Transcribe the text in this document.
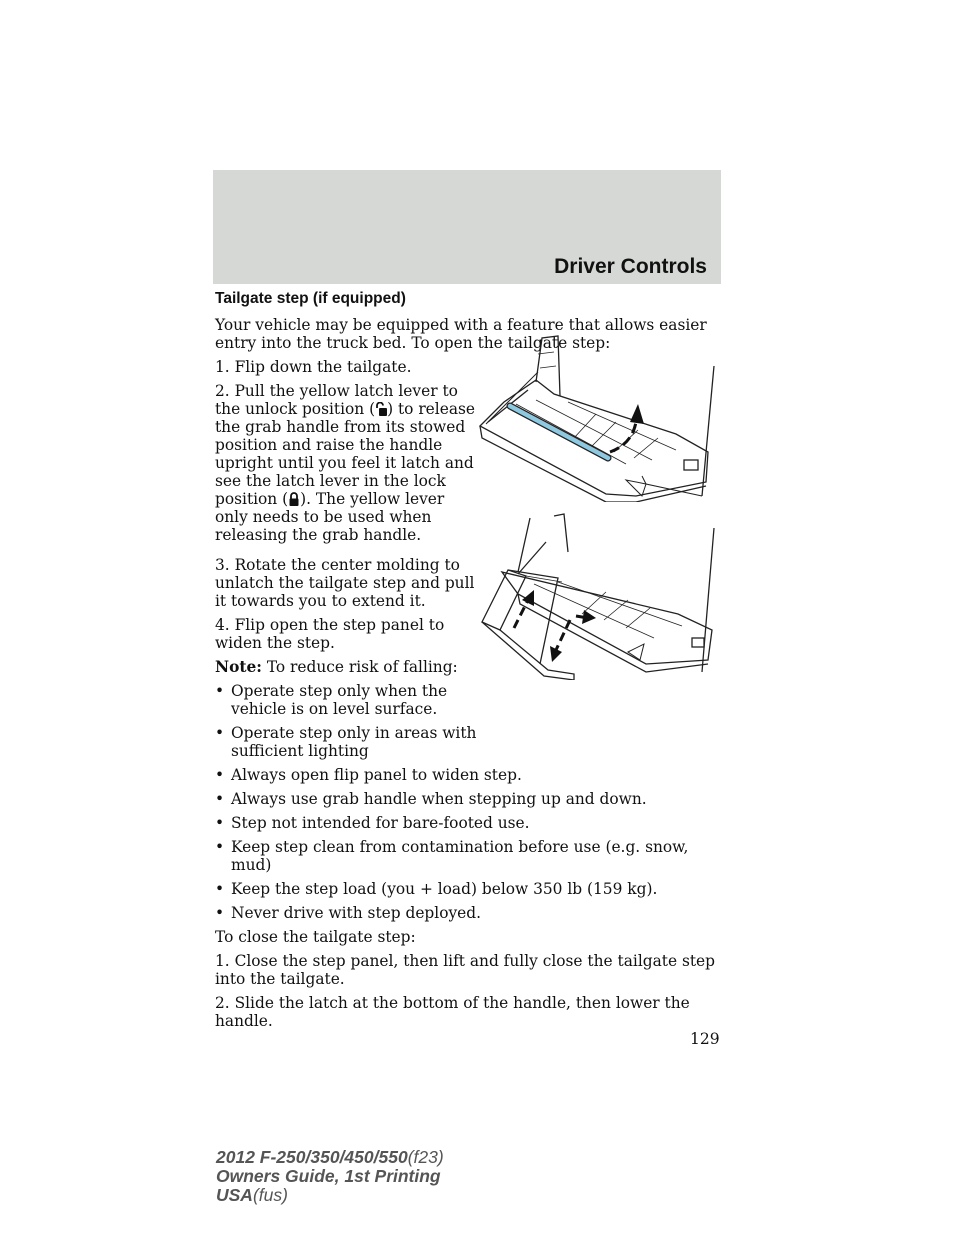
Driver Controls
Tailgate step (if equipped)

Your vehicle may be equipped with a feature that allows easier entry into the truck bed. To open the tailgate step:

1. Flip down the tailgate.

2. Pull the yellow latch lever to the unlock position ( ) to release the grab handle from its stowed position and raise the handle upright until you feel it latch and see the latch lever in the lock position ( ). The yellow lever only needs to be used when releasing the grab handle.

3. Rotate the center molding to unlatch the tailgate step and pull it towards you to extend it.

4. Flip open the step panel to widen the step.

Note: To reduce risk of falling:

• Operate step only when the vehicle is on level surface.
• Operate step only in areas with sufficient lighting
• Always open flip panel to widen step.
• Always use grab handle when stepping up and down.
• Step not intended for bare-footed use.
• Keep step clean from contamination before use (e.g. snow, mud)
• Keep the step load (you + load) below 350 lb (159 kg).
• Never drive with step deployed.

To close the tailgate step:

1. Close the step panel, then lift and fully close the tailgate step into the tailgate.

2. Slide the latch at the bottom of the handle, then lower the handle.

129
2012 F-250/350/450/550(f23)
Owners Guide, 1st Printing
USA(fus)
